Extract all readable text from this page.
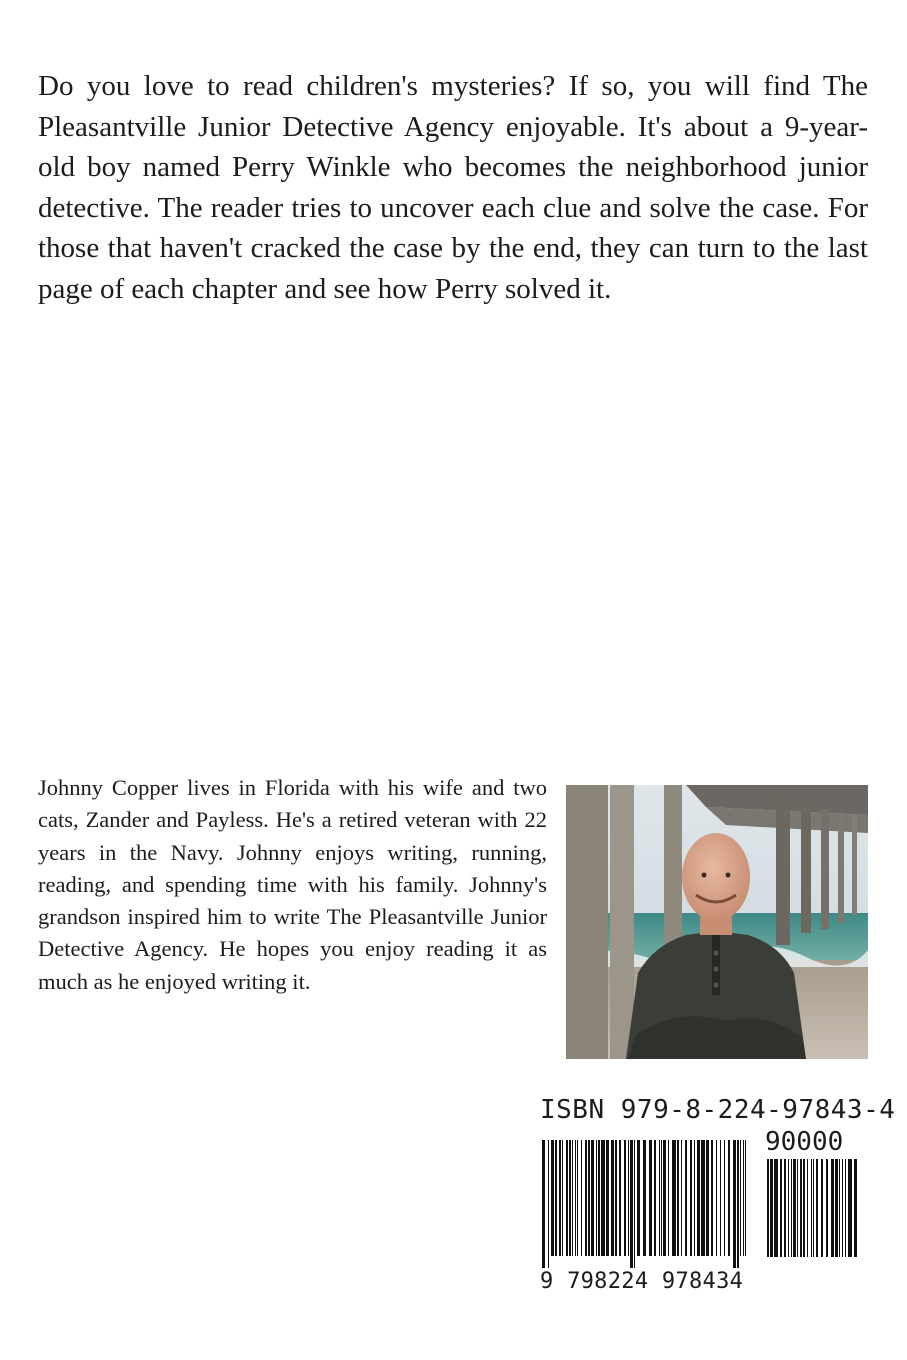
Do you love to read children's mysteries? If so, you will find The Pleasantville Junior Detective Agency enjoyable. It's about a 9-year-old boy named Perry Winkle who becomes the neighborhood junior detective. The reader tries to uncover each clue and solve the case. For those that haven't cracked the case by the end, they can turn to the last page of each chapter and see how Perry solved it.

Johnny Copper lives in Florida with his wife and two cats, Zander and Payless. He's a retired veteran with 22 years in the Navy. Johnny enjoys writing, running, reading, and spending time with his family. Johnny's grandson inspired him to write The Pleasantville Junior Detective Agency. He hopes you enjoy reading it as much as he enjoyed writing it.

ISBN 979-8-224-97843-4
90000
9 798224 978434
